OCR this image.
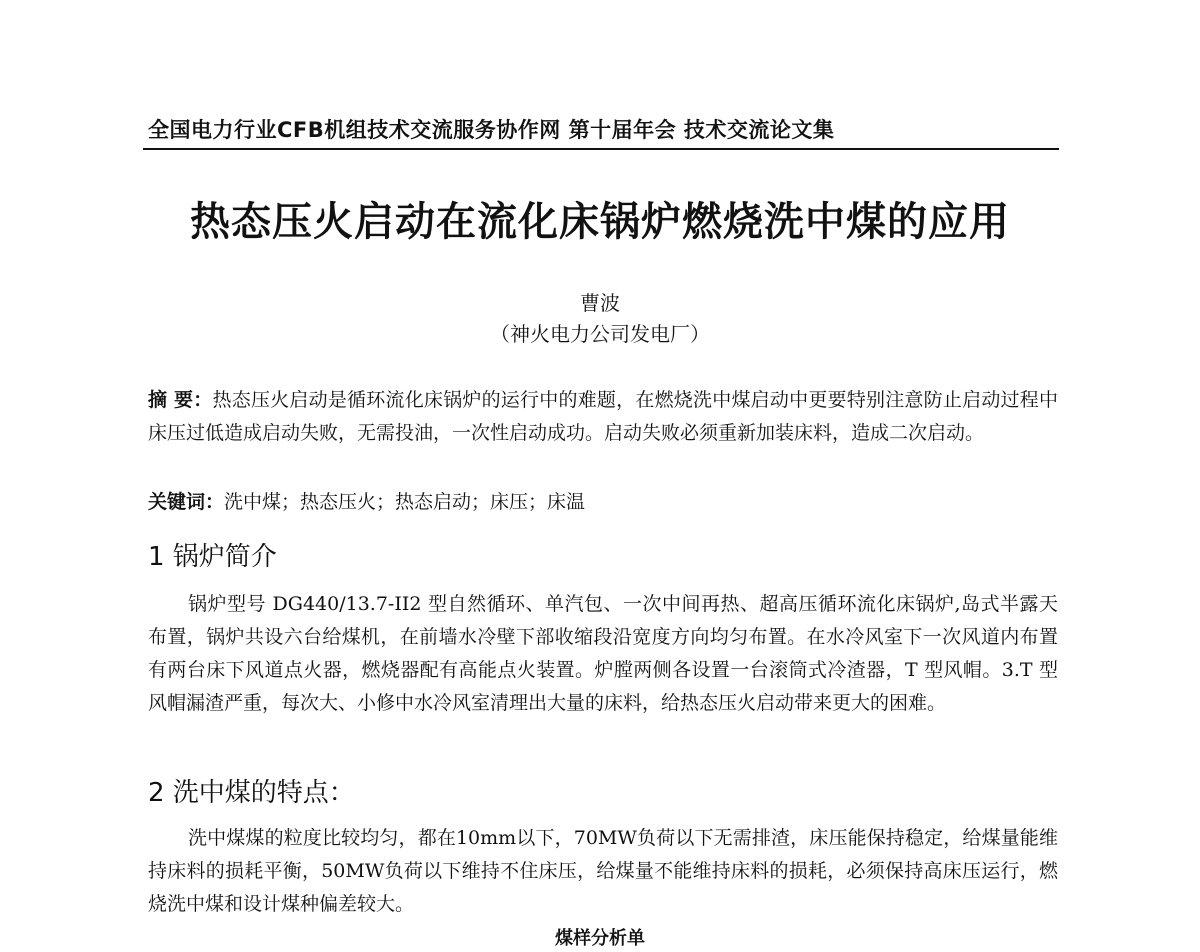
全国电力行业CFB机组技术交流服务协作网 第十届年会 技术交流论文集
热态压火启动在流化床锅炉燃烧洗中煤的应用
曹波
（神火电力公司发电厂）
摘 要：热态压火启动是循环流化床锅炉的运行中的难题，在燃烧洗中煤启动中更要特别注意防止启动过程中床压过低造成启动失败，无需投油，一次性启动成功。启动失败必须重新加装床料，造成二次启动。
关键词：洗中煤；热态压火；热态启动；床压；床温
1 锅炉简介
锅炉型号 DG440/13.7-II2 型自然循环、单汽包、一次中间再热、超高压循环流化床锅炉,岛式半露天布置，锅炉共设六台给煤机，在前墙水冷壁下部收缩段沿宽度方向均匀布置。在水冷风室下一次风道内布置有两台床下风道点火器，燃烧器配有高能点火装置。炉膛两侧各设置一台滚筒式冷渣器，T 型风帽。3.T 型风帽漏渣严重，每次大、小修中水冷风室清理出大量的床料，给热态压火启动带来更大的困难。
2 洗中煤的特点：
洗中煤煤的粒度比较均匀，都在10mm以下，70MW负荷以下无需排渣，床压能保持稳定，给煤量能维持床料的损耗平衡，50MW负荷以下维持不住床压，给煤量不能维持床料的损耗，必须保持高床压运行，燃烧洗中煤和设计煤种偏差较大。
煤样分析单
